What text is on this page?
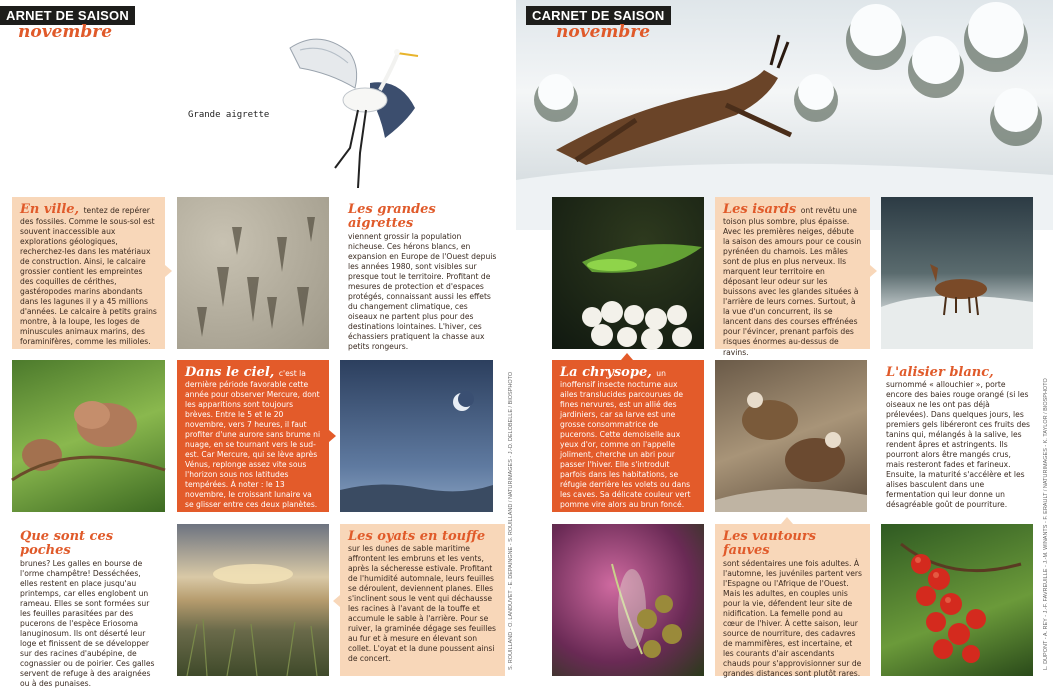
ARNET DE SAISON
novembre
Grande aigrette
En ville, tentez de repérer des fossiles. Comme le sous-sol est souvent inaccessible aux explorations géologiques, recherchez-les dans les matériaux de construction. Ainsi, le calcaire grossier contient les empreintes des coquilles de cérithes, gastéropodes marins abondants dans les lagunes il y a 45 millions d'années. Le calcaire à petits grains montre, à la loupe, les loges de minuscules animaux marins, des foraminifères, comme les milioles.
Les grandes aigrettes
viennent grossir la population nicheuse. Ces hérons blancs, en expansion en Europe de l'Ouest depuis les années 1980, sont visibles sur presque tout le territoire. Profitant de mesures de protection et d'espaces protégés, connaissant aussi les effets du changement climatique, ces oiseaux ne partent plus pour des destinations lointaines. L'hiver, ces échassiers pratiquent la chasse aux petits rongeurs.
Dans le ciel, c'est la dernière période favorable cette année pour observer Mercure, dont les apparitions sont toujours brèves. Entre le 5 et le 20 novembre, vers 7 heures, il faut profiter d'une aurore sans brume ni nuage, en se tournant vers le sud-est. Car Mercure, qui se lève après Vénus, replonge assez vite sous l'horizon sous nos latitudes tempérées. À noter : le 13 novembre, le croissant lunaire va se glisser entre ces deux planètes.
Que sont ces poches
brunes? Les galles en bourse de l'orme champêtre! Desséchées, elles restent en place jusqu'au printemps, car elles englobent un rameau. Elles se sont formées sur les feuilles parasitées par des pucerons de l'espèce Eriosoma lanuginosum. Ils ont déserté leur loge et finissent de se développer sur des racines d'aubépine, de cognassier ou de poirier. Ces galles servent de refuge à des araignées ou à des punaises.
Les oyats en touffe
sur les dunes de sable maritime affrontent les embruns et les vents, après la sécheresse estivale. Profitant de l'humidité automnale, leurs feuilles se déroulent, deviennent planes. Elles s'inclinent sous le vent qui déchausse les racines à l'avant de la touffe et accumule le sable à l'arrière. Pour se ruiver, la graminée dégage ses feuilles au fur et à mesure en élevant son collet. L'oyat et la dune poussent ainsi de concert.	S. ROUILLAND - O. LANDUVET - E. DEPAINGNE - S. ROUILLAND / NATURIMAGES - J.-D. DELOBELLE / BIOSPHOTO
CARNET DE SAISON
novembre
Les isards ont revêtu une toison plus sombre, plus épaisse. Avec les premières neiges, débute la saison des amours pour ce cousin pyrénéen du chamois. Les mâles sont de plus en plus nerveux. Ils marquent leur territoire en déposant leur odeur sur les buissons avec les glandes situées à l'arrière de leurs cornes. Surtout, à la vue d'un concurrent, ils se lancent dans des courses effrénées pour l'évincer, prenant parfois des risques énormes au-dessus de ravins.
La chrysope, un inoffensif insecte nocturne aux ailes translucides parcourues de fines nervures, est un allié des jardiniers, car sa larve est une grosse consommatrice de pucerons. Cette demoiselle aux yeux d'or, comme on l'appelle joliment, cherche un abri pour passer l'hiver. Elle s'introduit parfois dans les habitations, se réfugie derrière les volets ou dans les caves. Sa délicate couleur vert pomme vire alors au brun foncé.
L'alisier blanc, surnommé « allouchier », porte encore des baies rouge orangé (si les oiseaux ne les ont pas déjà prélevées). Dans quelques jours, les premiers gels libéreront ces fruits des tanins qui, mélangés à la salive, les rendent âpres et astringents. Ils pourront alors être mangés crus, mais resteront fades et farineux. Ensuite, la maturité s'accélère et les alises basculent dans une fermentation qui leur donne un désagréable goût de pourriture.
Les vautours fauves
sont sédentaires une fois adultes. À l'automne, les juvéniles partent vers l'Espagne ou l'Afrique de l'Ouest. Mais les adultes, en couples unis pour la vie, défendent leur site de nidification. La femelle pond au cœur de l'hiver. À cette saison, leur source de nourriture, des cadavres de mammifères, est incertaine, et les courants d'air ascendants chauds pour s'approvisionner sur de grandes distances sont plutôt rares.
L. DUPONT - A. REY - J.-F. FAVREUILLE - J.-M. WINANTS - F. ERAULT / NATURIMAGES - K. TAYLOR / BIOSPHOTO
